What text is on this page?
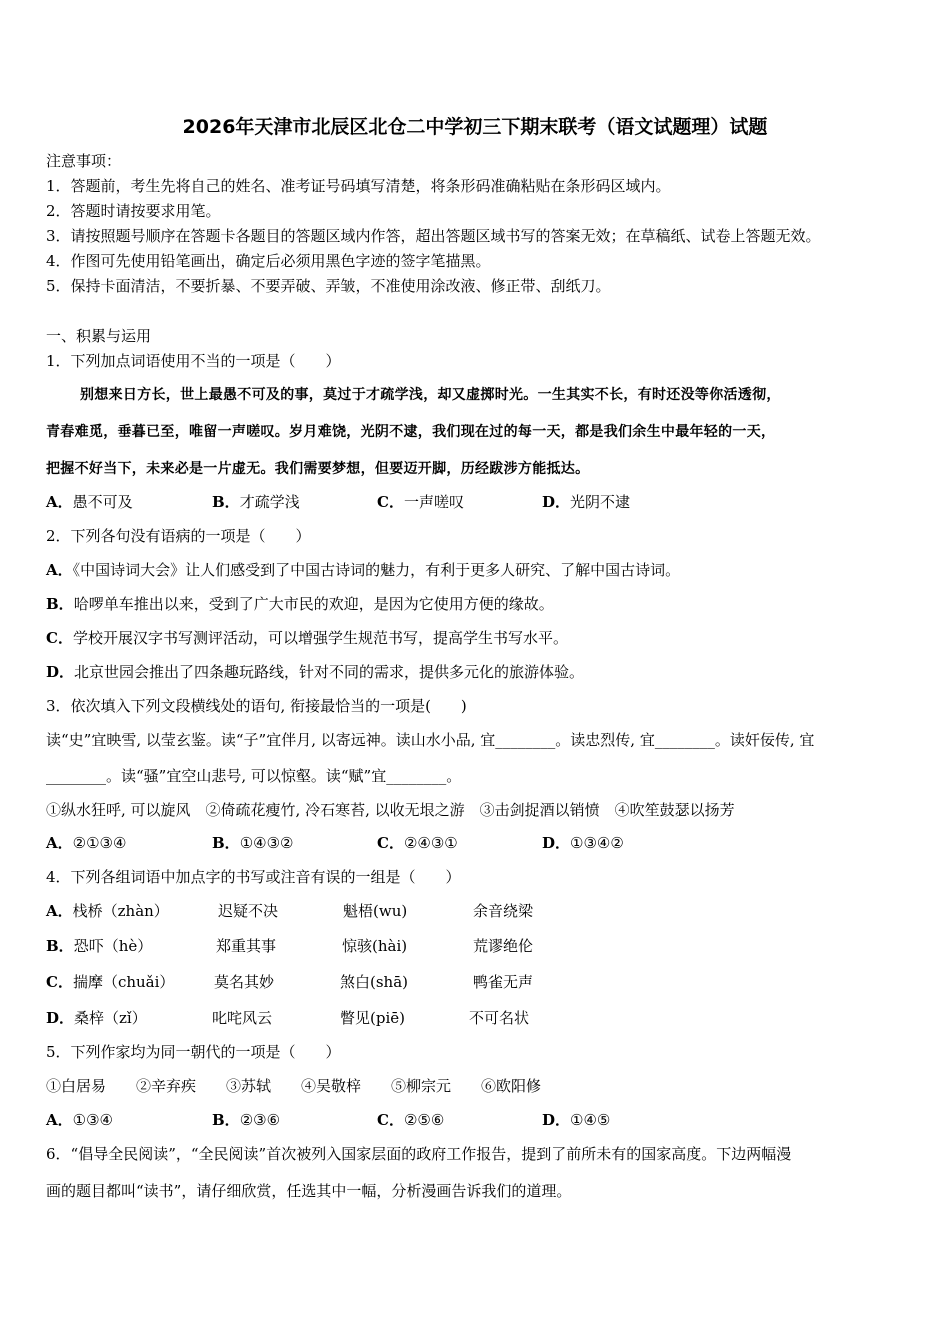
2026年天津市北辰区北仓二中学初三下期末联考（语文试题理）试题
注意事项：
1．答题前，考生先将自己的姓名、准考证号码填写清楚，将条形码准确粘贴在条形码区域内。
2．答题时请按要求用笔。
3．请按照题号顺序在答题卡各题目的答题区域内作答，超出答题区域书写的答案无效；在草稿纸、试卷上答题无效。
4．作图可先使用铅笔画出，确定后必须用黑色字迹的签字笔描黑。
5．保持卡面清洁，不要折暴、不要弄破、弄皱，不准使用涂改液、修正带、刮纸刀。
一、积累与运用
1．下列加点词语使用不当的一项是（　　）
别想来日方长，世上最愚不可及的事，莫过于才疏学浅，却又虚掷时光。一生其实不长，有时还没等你活透彻，
青春难觅，垂暮已至，唯留一声嗟叹。岁月难饶，光阴不逮，我们现在过的每一天，都是我们余生中最年轻的一天，
把握不好当下，未来必是一片虚无。我们需要梦想，但要迈开脚，历经跋涉方能抵达。
A．愚不可及	B．才疏学浅	C．一声嗟叹	D．光阴不逮
2．下列各句没有语病的一项是（　　）
A．《中国诗词大会》让人们感受到了中国古诗词的魅力，有利于更多人研究、了解中国古诗词。
B．哈啰单车推出以来，受到了广大市民的欢迎，是因为它使用方便的缘故。
C．学校开展汉字书写测评活动，可以增强学生规范书写，提高学生书写水平。
D．北京世园会推出了四条趣玩路线，针对不同的需求，提供多元化的旅游体验。
3．依次填入下列文段横线处的语句, 衔接最恰当的一项是(　　)
读“史”宜映雪, 以莹玄鉴。读“子”宜伴月, 以寄远神。读山水小品, 宜________。读忠烈传, 宜________。读奸佞传, 宜
________。读“骚”宜空山悲号, 可以惊壑。读“赋”宜________。
①纵水狂呼, 可以旋风　②倚疏花瘦竹, 冷石寒苔, 以收无垠之游　③击剑捉酒以销愤　④吹笙鼓瑟以扬芳
A．②①③④	B．①④③②	C．②④③①	D．①③④②
4．下列各组词语中加点字的书写或注音有误的一组是（　　）
A．栈桥（zhàn）	迟疑不决	魁梧(wu)	余音绕梁
B．恐吓（hè）	郑重其事	惊骇(hài)	荒谬绝伦
C．揣摩（chuǎi）	莫名其妙	煞白(shā)	鸭雀无声
D．桑梓（zǐ）	叱咤风云	瞥见(piē)	不可名状
5．下列作家均为同一朝代的一项是（　　）
①白居易　　②辛弃疾　　③苏轼　　④吴敬梓　　⑤柳宗元　　⑥欧阳修
A．①③④	B．②③⑥	C．②⑤⑥	D．①④⑤
6．“倡导全民阅读”，“全民阅读”首次被列入国家层面的政府工作报告，提到了前所未有的国家高度。下边两幅漫
画的题目都叫“读书”，请仔细欣赏，任选其中一幅，分析漫画告诉我们的道理。
